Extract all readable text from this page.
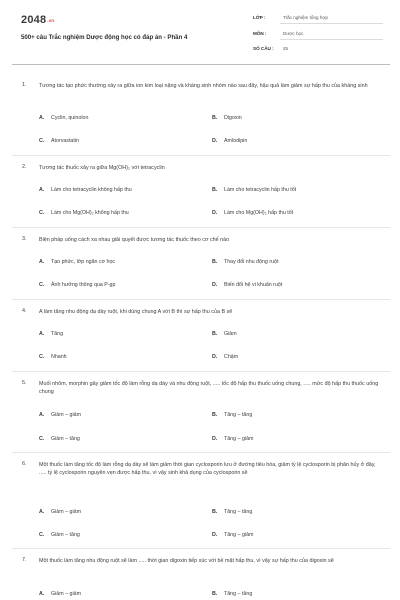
2048.vn
500+ câu Trắc nghiệm Dược động học có đáp án - Phần 4
LỚP :	Trắc nghiệm tổng hợp
MÔN :	Dược học
SỐ CÂU : 25
1. Tương tác tạo phức thường xảy ra giữa ion kim loại nặng và kháng sinh nhóm nào sau đây, hậu quả làm giảm sự hấp thu của kháng sinh
A. Cyclin, quinolon	B. Digoxin
C. Atorvastatin	D. Amlodipin
2. Tương tác thuốc xảy ra giữa Mg(OH)₂ với tetracyclin
A. Làm cho tetracyclin không hấp thu	B. Làm cho tetracyclin hấp thu tốt
C. Làm cho Mg(OH)₂ không hấp thu	D. Làm cho Mg(OH)₂ hấp thu tốt
3. Biện pháp uống cách xa nhau giải quyết được tương tác thuốc theo cơ chế nào
A. Tạo phức, lớp ngăn cơ học	B. Thay đổi nhu động ruột
C. Ảnh hưởng thông qua P-gp	D. Biến đổi hệ vi khuẩn ruột
4. A làm tăng nhu động dạ dày ruột, khi dùng chung A với B thì sự hấp thu của B sẽ
A. Tăng	B. Giảm
C. Nhanh	D. Chậm
5. Muối nhôm, morphin gây giảm tốc độ làm rỗng dạ dày và nhu động ruột, ..... tốc độ hấp thu thuốc uống chung, ..... mức độ hấp thu thuốc uống chung
A. Giảm – giảm	B. Tăng – tăng
C. Giảm – tăng	D. Tăng – giảm
6. Một thuốc làm tăng tốc độ làm rỗng dạ dày sẽ làm giảm thời gian cyclosporin lưu ở đường tiêu hóa, giảm tỷ lệ cyclosporin bị phân hủy ở đây, ..... tỷ lệ cyclosporin nguyên vẹn được hấp thu, vì vậy sinh khả dụng của cyclosporin sẽ
A. Giảm – giảm	B. Tăng – tăng
C. Giảm – tăng	D. Tăng – giảm
7. Một thuốc làm tăng nhu động ruột sẽ làm ..... thời gian digoxin tiếp xúc với bề mặt hấp thu, vì vậy sự hấp thu của digoxin sẽ
A. Giảm – giảm	B. Tăng – tăng
